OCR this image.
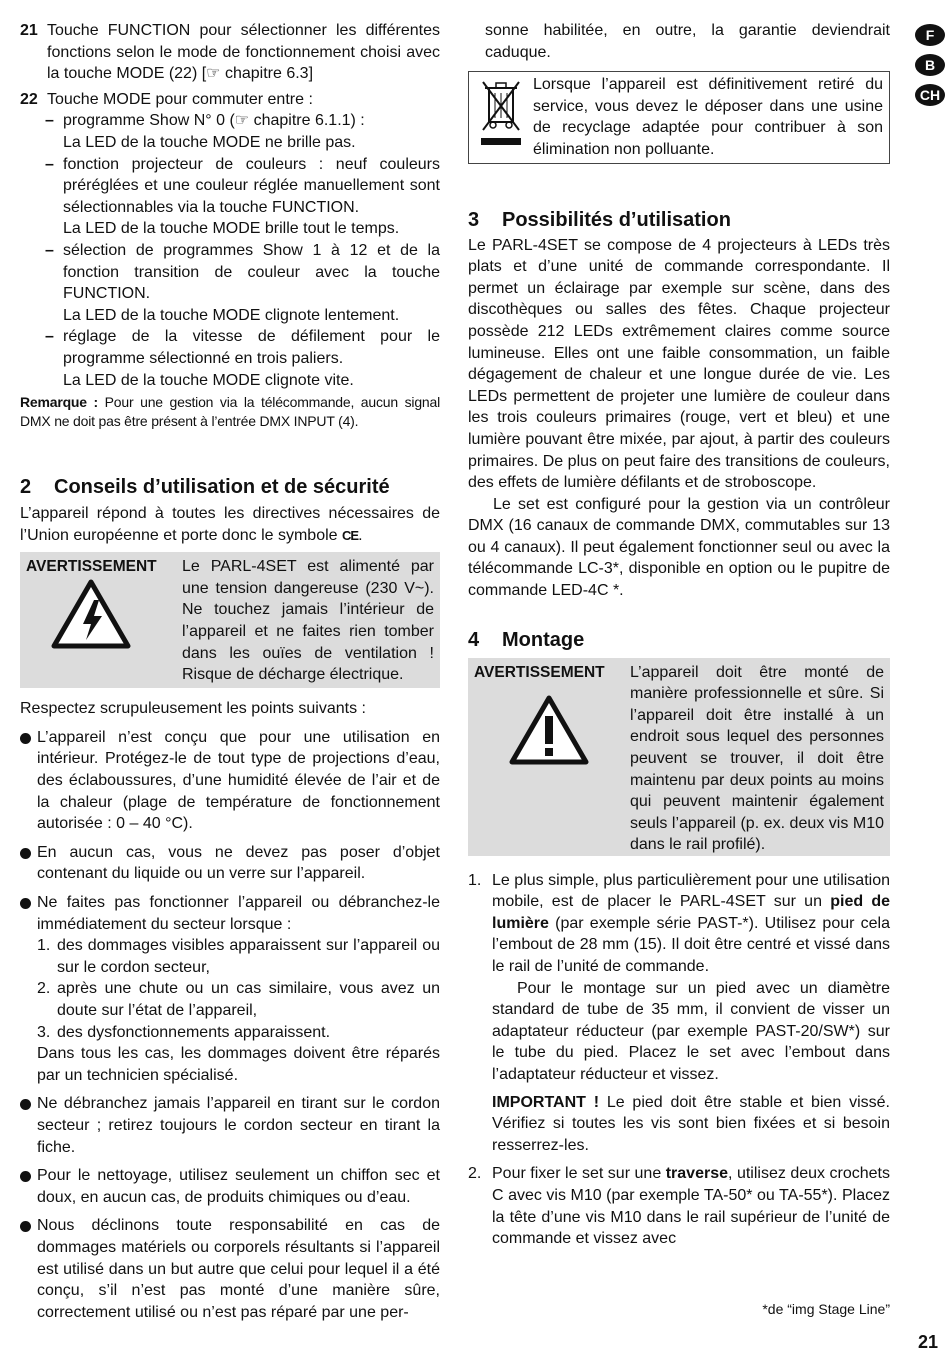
21 Touche FUNCTION pour sélectionner les différentes fonctions selon le mode de fonctionnement choisi avec la touche MODE (22) [☞ chapitre 6.3]

22 Touche MODE pour commuter entre :

– programme Show N° 0 (☞ chapitre 6.1.1) :

La LED de la touche MODE ne brille pas.

– fonction projecteur de couleurs : neuf couleurs préréglées et une couleur réglée manuellement sont sélectionnables via la touche FUNCTION.

La LED de la touche MODE brille tout le temps.

– sélection de programmes Show 1 à 12 et de la fonction transition de couleur avec la touche FUNCTION.

La LED de la touche MODE clignote lentement.

– réglage de la vitesse de défilement pour le programme sélectionné en trois paliers.

La LED de la touche MODE clignote vite.

Remarque : Pour une gestion via la télécommande, aucun signal DMX ne doit pas être présent à l’entrée DMX INPUT (4).

2 Conseils d’utilisation et de sécurité

L’appareil répond à toutes les directives nécessaires de l’Union européenne et porte donc le symbole CE.

AVERTISSEMENT Le PARL-4SET est alimenté par une tension dangereuse (230 V~). Ne touchez jamais l’intérieur de l’appareil et ne faites rien tomber dans les ouïes de ventilation ! Risque de décharge électrique.

Respectez scrupuleusement les points suivants :

L’appareil n’est conçu que pour une utilisation en intérieur. Protégez-le de tout type de projections d’eau, des éclaboussures, d’une humidité élevée de l’air et de la chaleur (plage de température de fonctionnement autorisée : 0 – 40 °C).

En aucun cas, vous ne devez pas poser d’objet contenant du liquide ou un verre sur l’appareil.

Ne faites pas fonctionner l’appareil ou débranchez-le immédiatement du secteur lorsque :

1. des dommages visibles apparaissent sur l’appareil ou sur le cordon secteur,

2. après une chute ou un cas similaire, vous avez un doute sur l’état de l’appareil,

3. des dysfonctionnements apparaissent.

Dans tous les cas, les dommages doivent être réparés par un technicien spécialisé.

Ne débranchez jamais l’appareil en tirant sur le cordon secteur ; retirez toujours le cordon secteur en tirant la fiche.

Pour le nettoyage, utilisez seulement un chiffon sec et doux, en aucun cas, de produits chimiques ou d’eau.

Nous déclinons toute responsabilité en cas de dommages matériels ou corporels résultants si l’appareil est utilisé dans un but autre que celui pour lequel il a été conçu, s’il n’est pas monté d’une manière sûre, correctement utilisé ou n’est pas réparé par une per-

sonne habilitée, en outre, la garantie deviendrait caduque.

Lorsque l’appareil est définitivement retiré du service, vous devez le déposer dans une usine de recyclage adaptée pour contribuer à son élimination non polluante.

3 Possibilités d’utilisation

Le PARL-4SET se compose de 4 projecteurs à LEDs très plats et d’une unité de commande correspondante. Il permet un éclairage par exemple sur scène, dans des discothèques ou salles des fêtes. Chaque projecteur possède 212 LEDs extrêmement claires comme source lumineuse. Elles ont une faible consommation, un faible dégagement de chaleur et une longue durée de vie. Les LEDs permettent de projeter une lumière de couleur dans les trois couleurs primaires (rouge, vert et bleu) et une lumière pouvant être mixée, par ajout, à partir des couleurs primaires. De plus on peut faire des transitions de couleurs, des effets de lumière défilants et de stroboscope.

Le set est configuré pour la gestion via un contrôleur DMX (16 canaux de commande DMX, commutables sur 13 ou 4 canaux). Il peut également fonctionner seul ou avec la télécommande LC-3*, disponible en option ou le pupitre de commande LED-4C *.

4 Montage
AVERTISSEMENT L’appareil doit être monté de manière professionnelle et sûre. Si l’appareil doit être installé à un endroit sous lequel des personnes peuvent se trouver, il doit être maintenu par deux points au moins qui peuvent maintenir également seuls l’appareil (p. ex. deux vis M10 dans le rail profilé).

1. Le plus simple, plus particulièrement pour une utilisation mobile, est de placer le PARL-4SET sur un pied de lumière (par exemple série PAST-*). Utilisez pour cela l’embout de 28 mm (15). Il doit être centré et vissé dans le rail de l’unité de commande.

Pour le montage sur un pied avec un diamètre standard de tube de 35 mm, il convient de visser un adaptateur réducteur (par exemple PAST-20/SW*) sur le tube du pied. Placez le set avec l’embout dans l’adaptateur réducteur et vissez.

IMPORTANT ! Le pied doit être stable et bien vissé. Vérifiez si toutes les vis sont bien fixées et si besoin resserrez-les.

2. Pour fixer le set sur une traverse, utilisez deux crochets C avec vis M10 (par exemple TA-50* ou TA-55*). Placez la tête d’une vis M10 dans le rail supérieur de l’unité de commande et vissez avec

*de “img Stage Line”
F
B
CH
21
